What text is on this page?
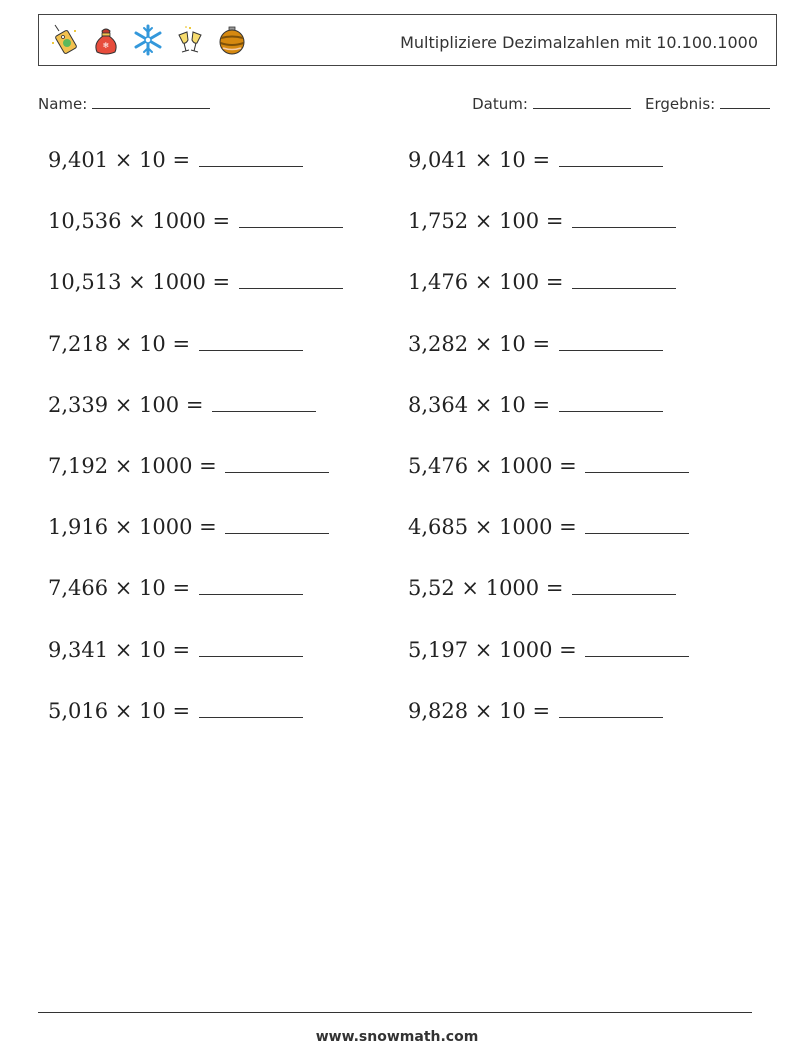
❄	Multipliziere Dezimalzahlen mit 10.100.1000
Name:	Datum:	Ergebnis:
9,401 × 10 =	9,041 × 10 =
10,536 × 1000 =	1,752 × 100 =
10,513 × 1000 =	1,476 × 100 =
7,218 × 10 =	3,282 × 10 =
2,339 × 100 =	8,364 × 10 =
7,192 × 1000 =	5,476 × 1000 =
1,916 × 1000 =	4,685 × 1000 =
7,466 × 10 =	5,52 × 1000 =
9,341 × 10 =	5,197 × 1000 =
5,016 × 10 =	9,828 × 10 =
www.snowmath.com
